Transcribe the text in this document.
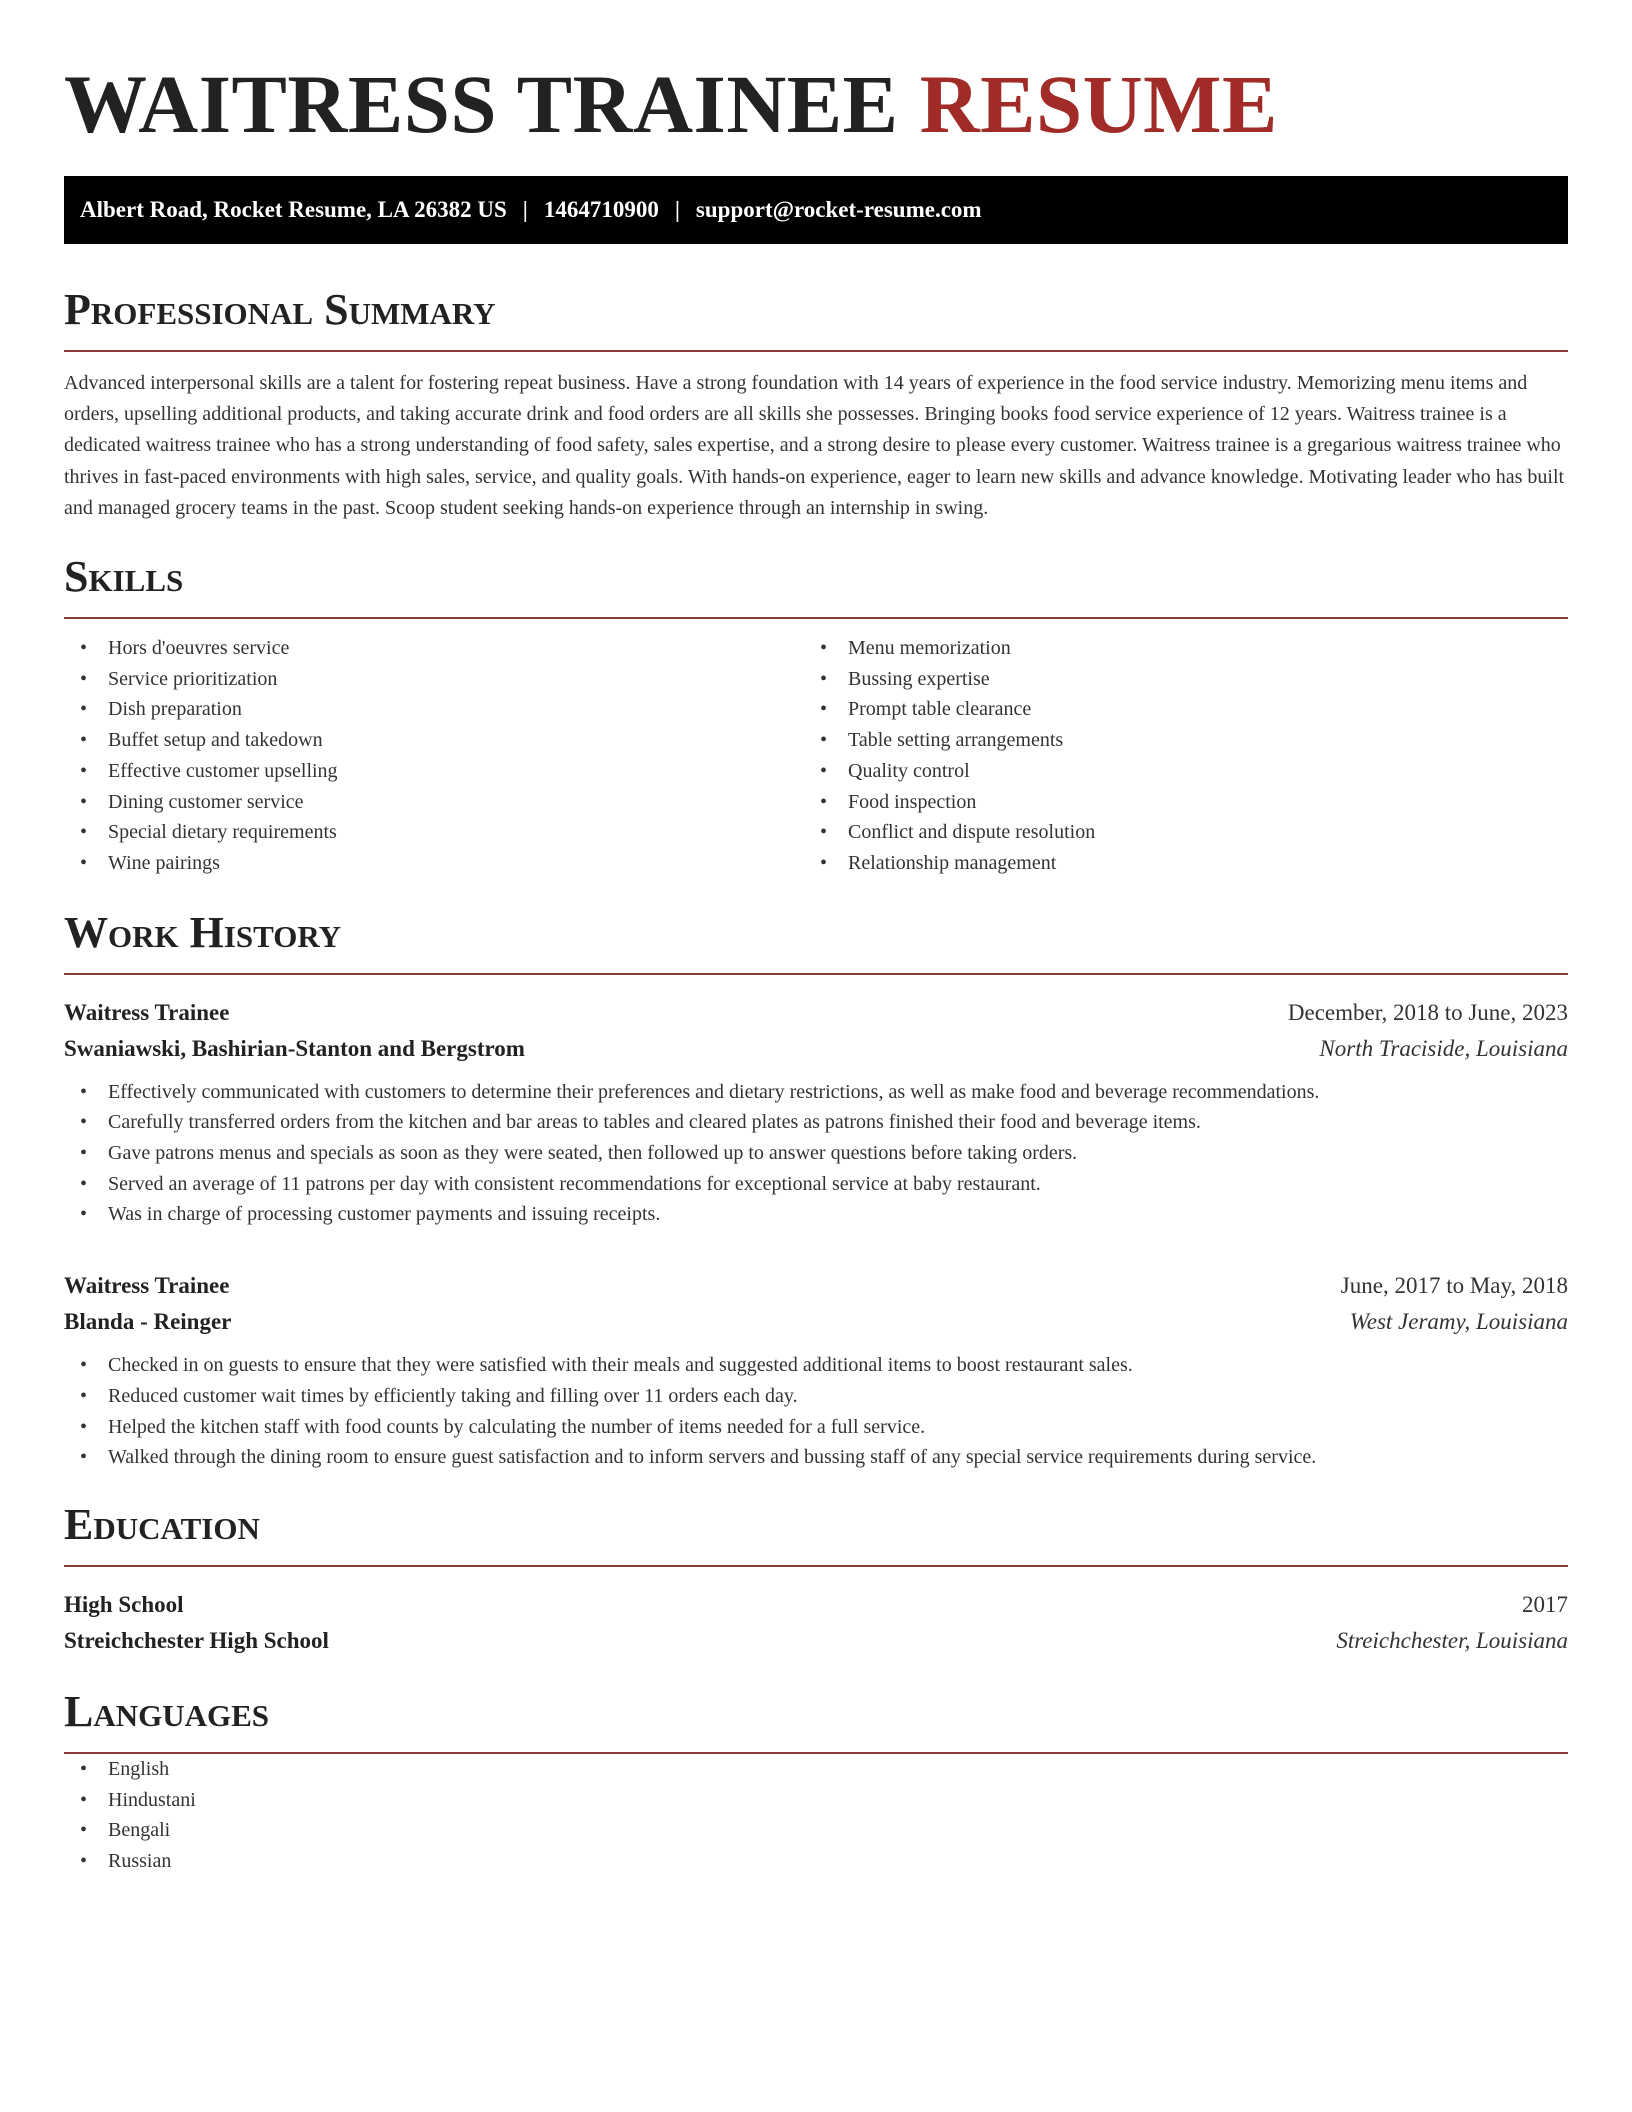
WAITRESS TRAINEE RESUME
Albert Road, Rocket Resume, LA 26382 US | 1464710900 | support@rocket-resume.com
Professional Summary

Advanced interpersonal skills are a talent for fostering repeat business. Have a strong foundation with 14 years of experience in the food service industry. Memorizing menu items and orders, upselling additional products, and taking accurate drink and food orders are all skills she possesses. Bringing books food service experience of 12 years. Waitress trainee is a dedicated waitress trainee who has a strong understanding of food safety, sales expertise, and a strong desire to please every customer. Waitress trainee is a gregarious waitress trainee who thrives in fast-paced environments with high sales, service, and quality goals. With hands-on experience, eager to learn new skills and advance knowledge. Motivating leader who has built and managed grocery teams in the past. Scoop student seeking hands-on experience through an internship in swing.

Skills
• Hors d'oeuvres service
• Service prioritization
• Dish preparation
• Buffet setup and takedown
• Effective customer upselling
• Dining customer service
• Special dietary requirements
• Wine pairings
• Menu memorization
• Bussing expertise
• Prompt table clearance
• Table setting arrangements
• Quality control
• Food inspection
• Conflict and dispute resolution
• Relationship management
Work History
Waitress Trainee	December, 2018 to June, 2023
Swaniawski, Bashirian-Stanton and Bergstrom	North Traciside, Louisiana
• Effectively communicated with customers to determine their preferences and dietary restrictions, as well as make food and beverage recommendations.
• Carefully transferred orders from the kitchen and bar areas to tables and cleared plates as patrons finished their food and beverage items.
• Gave patrons menus and specials as soon as they were seated, then followed up to answer questions before taking orders.
• Served an average of 11 patrons per day with consistent recommendations for exceptional service at baby restaurant.
• Was in charge of processing customer payments and issuing receipts.
Waitress Trainee	June, 2017 to May, 2018
Blanda - Reinger	West Jeramy, Louisiana
• Checked in on guests to ensure that they were satisfied with their meals and suggested additional items to boost restaurant sales.
• Reduced customer wait times by efficiently taking and filling over 11 orders each day.
• Helped the kitchen staff with food counts by calculating the number of items needed for a full service.
• Walked through the dining room to ensure guest satisfaction and to inform servers and bussing staff of any special service requirements during service.
Education
High School	2017
Streichchester High School	Streichchester, Louisiana
Languages
• English
• Hindustani
• Bengali
• Russian
